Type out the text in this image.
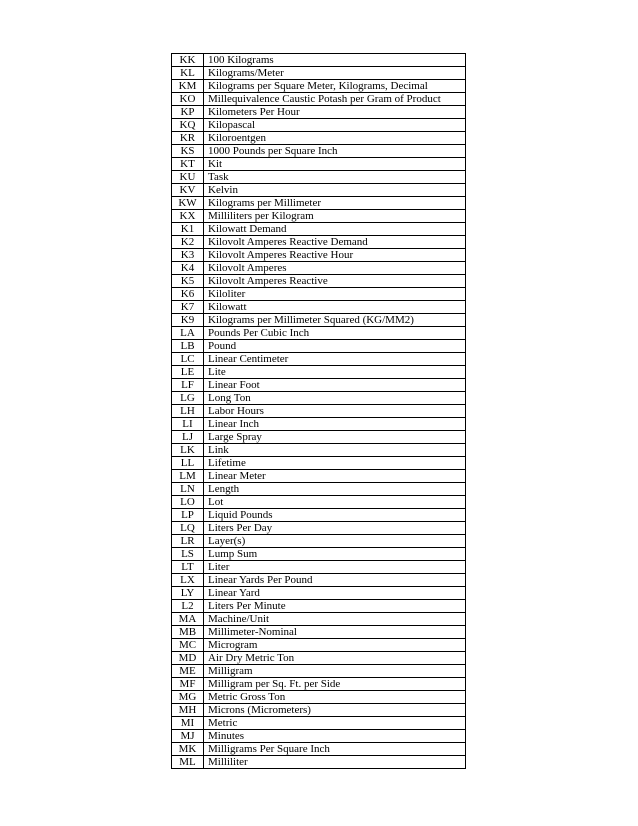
KK	100 Kilograms
KL	Kilograms/Meter
KM	Kilograms per Square Meter, Kilograms, Decimal
KO	Millequivalence Caustic Potash per Gram of Product
KP	Kilometers Per Hour
KQ	Kilopascal
KR	Kiloroentgen
KS	1000 Pounds per Square Inch
KT	Kit
KU	Task
KV	Kelvin
KW	Kilograms per Millimeter
KX	Milliliters per Kilogram
K1	Kilowatt Demand
K2	Kilovolt Amperes Reactive Demand
K3	Kilovolt Amperes Reactive Hour
K4	Kilovolt Amperes
K5	Kilovolt Amperes Reactive
K6	Kiloliter
K7	Kilowatt
K9	Kilograms per Millimeter Squared (KG/MM2)
LA	Pounds Per Cubic Inch
LB	Pound
LC	Linear Centimeter
LE	Lite
LF	Linear Foot
LG	Long Ton
LH	Labor Hours
LI	Linear Inch
LJ	Large Spray
LK	Link
LL	Lifetime
LM	Linear Meter
LN	Length
LO	Lot
LP	Liquid Pounds
LQ	Liters Per Day
LR	Layer(s)
LS	Lump Sum
LT	Liter
LX	Linear Yards Per Pound
LY	Linear Yard
L2	Liters Per Minute
MA	Machine/Unit
MB	Millimeter-Nominal
MC	Microgram
MD	Air Dry Metric Ton
ME	Milligram
MF	Milligram per Sq. Ft. per Side
MG	Metric Gross Ton
MH	Microns (Micrometers)
MI	Metric
MJ	Minutes
MK	Milligrams Per Square Inch
ML	Milliliter
